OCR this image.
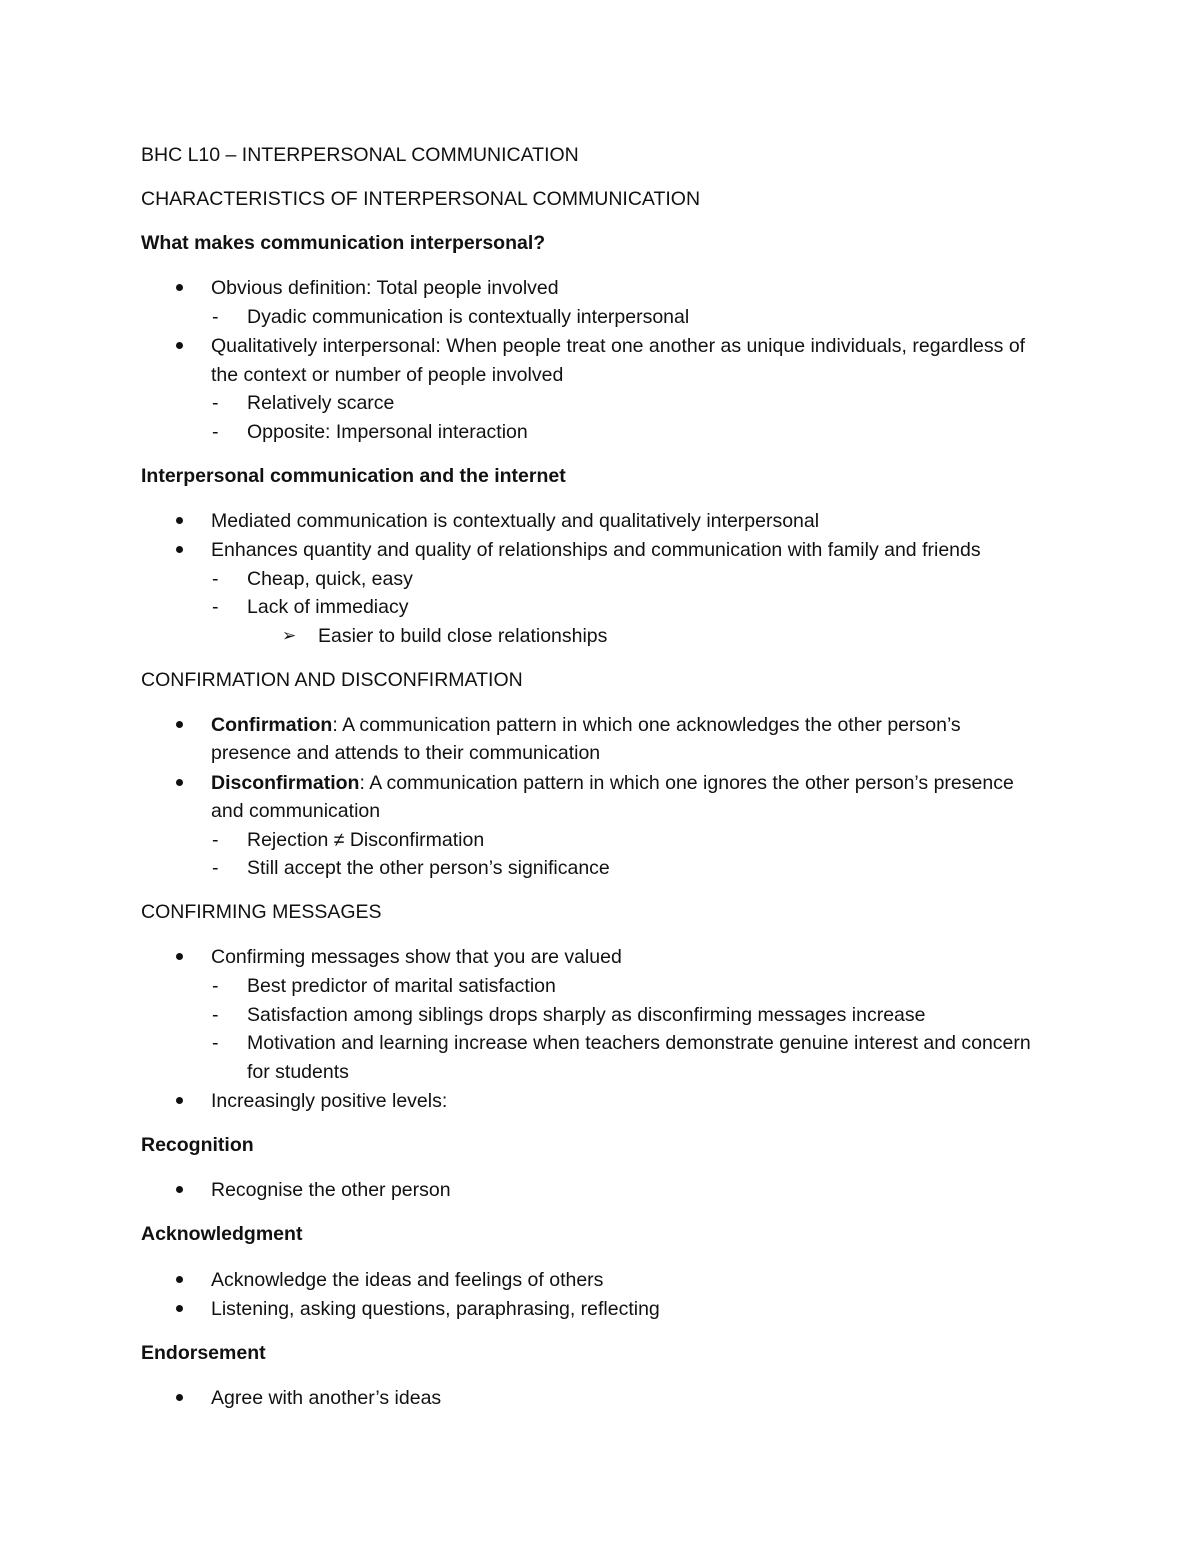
BHC L10 – INTERPERSONAL COMMUNICATION
CHARACTERISTICS OF INTERPERSONAL COMMUNICATION
What makes communication interpersonal?
Obvious definition: Total people involved
- Dyadic communication is contextually interpersonal
Qualitatively interpersonal: When people treat one another as unique individuals, regardless of
the context or number of people involved
- Relatively scarce
- Opposite: Impersonal interaction
Interpersonal communication and the internet
Mediated communication is contextually and qualitatively interpersonal
Enhances quantity and quality of relationships and communication with family and friends
- Cheap, quick, easy
- Lack of immediacy
➢ Easier to build close relationships
CONFIRMATION AND DISCONFIRMATION
Confirmation: A communication pattern in which one acknowledges the other person’s
presence and attends to their communication
Disconfirmation: A communication pattern in which one ignores the other person’s presence
and communication
- Rejection ≠ Disconfirmation
- Still accept the other person’s significance
CONFIRMING MESSAGES
Confirming messages show that you are valued
- Best predictor of marital satisfaction
- Satisfaction among siblings drops sharply as disconfirming messages increase
- Motivation and learning increase when teachers demonstrate genuine interest and concern
for students
Increasingly positive levels:
Recognition
Recognise the other person
Acknowledgment
Acknowledge the ideas and feelings of others
Listening, asking questions, paraphrasing, reflecting
Endorsement
Agree with another’s ideas
